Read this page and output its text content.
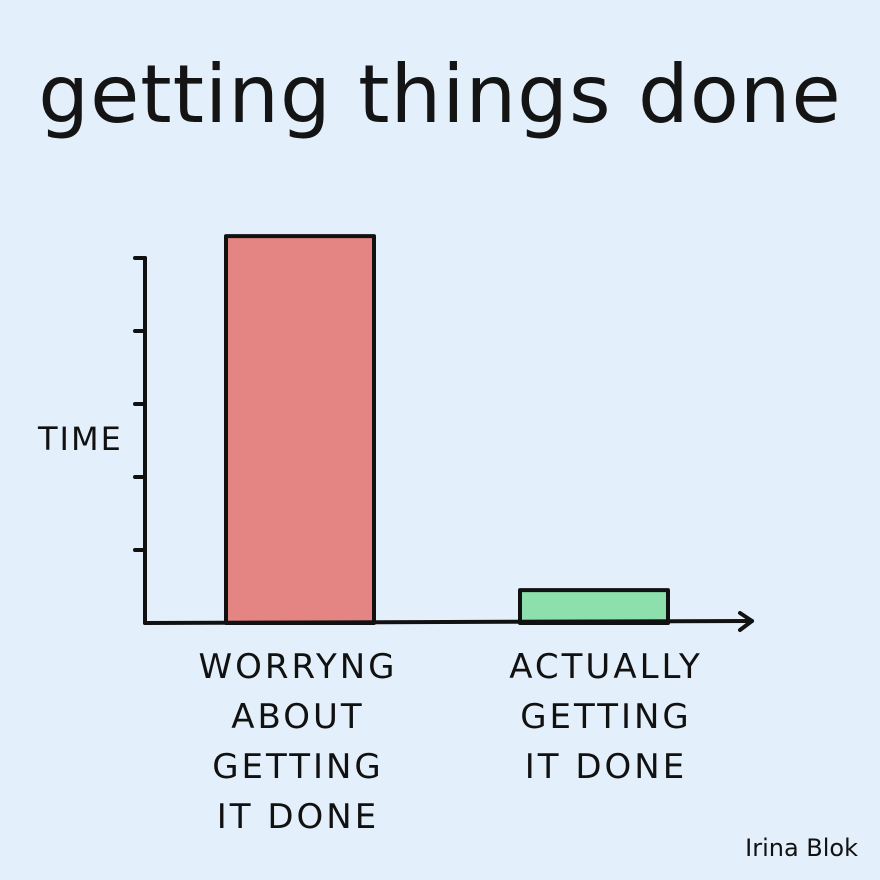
getting things done
TIME
WORRYNG
ABOUT
GETTING
IT DONE
ACTUALLY
GETTING
IT DONE
Irina Blok
